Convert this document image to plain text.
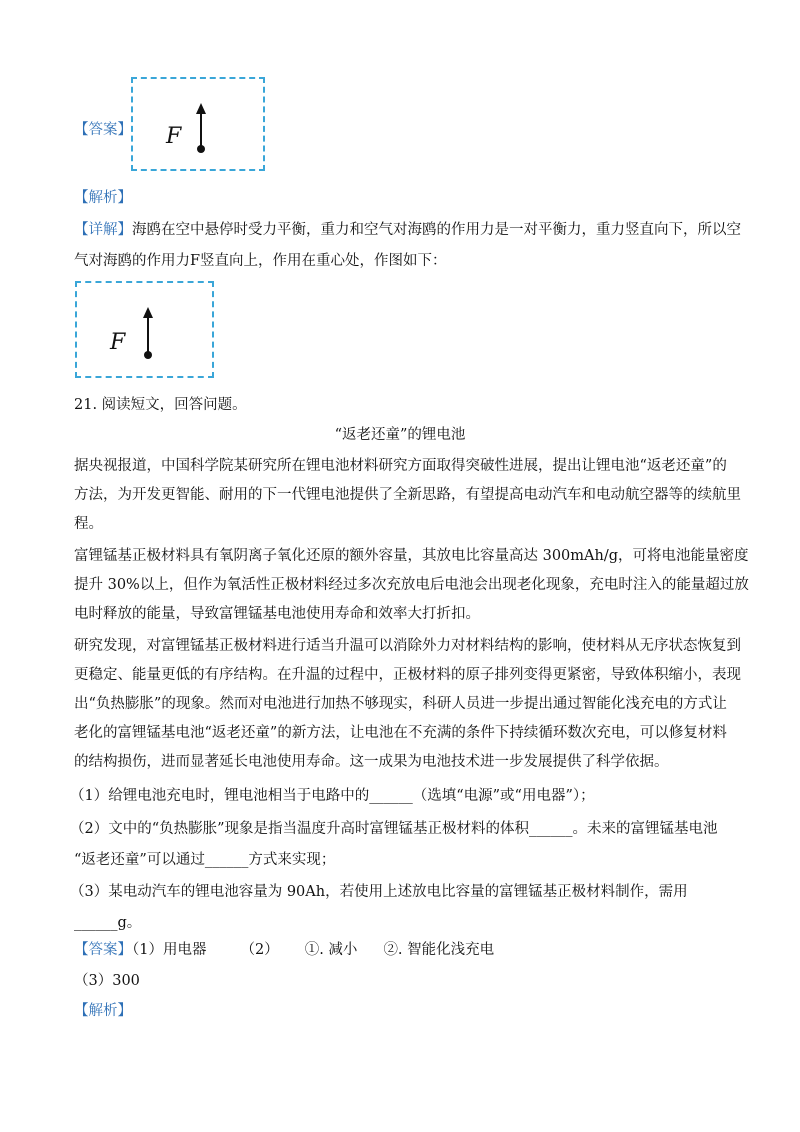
【答案】 F
【解析】
【详解】海鸥在空中悬停时受力平衡，重力和空气对海鸥的作用力是一对平衡力，重力竖直向下，所以空
气对海鸥的作用力F竖直向上，作用在重心处，作图如下：
F
21. 阅读短文，回答问题。
“返老还童”的锂电池
据央视报道，中国科学院某研究所在锂电池材料研究方面取得突破性进展，提出让锂电池“返老还童”的
方法，为开发更智能、耐用的下一代锂电池提供了全新思路，有望提高电动汽车和电动航空器等的续航里
程。
富锂锰基正极材料具有氧阴离子氧化还原的额外容量，其放电比容量高达 300mAh/g，可将电池能量密度
提升 30%以上，但作为氧活性正极材料经过多次充放电后电池会出现老化现象，充电时注入的能量超过放
电时释放的能量，导致富锂锰基电池使用寿命和效率大打折扣。
研究发现，对富锂锰基正极材料进行适当升温可以消除外力对材料结构的影响，使材料从无序状态恢复到
更稳定、能量更低的有序结构。在升温的过程中，正极材料的原子排列变得更紧密，导致体积缩小，表现
出“负热膨胀”的现象。然而对电池进行加热不够现实，科研人员进一步提出通过智能化浅充电的方式让
老化的富锂锰基电池“返老还童”的新方法，让电池在不充满的条件下持续循环数次充电，可以修复材料
的结构损伤，进而显著延长电池使用寿命。这一成果为电池技术进一步发展提供了科学依据。
（1）给锂电池充电时，锂电池相当于电路中的______（选填“电源”或“用电器”）；
（2）文中的“负热膨胀”现象是指当温度升高时富锂锰基正极材料的体积______。未来的富锂锰基电池
“返老还童”可以通过______方式来实现；
（3）某电动汽车的锂电池容量为 90Ah，若使用上述放电比容量的富锂锰基正极材料制作，需用
______g。
【答案】（1）用电器 （2） ①. 减小 ②. 智能化浅充电
（3）300
【解析】
